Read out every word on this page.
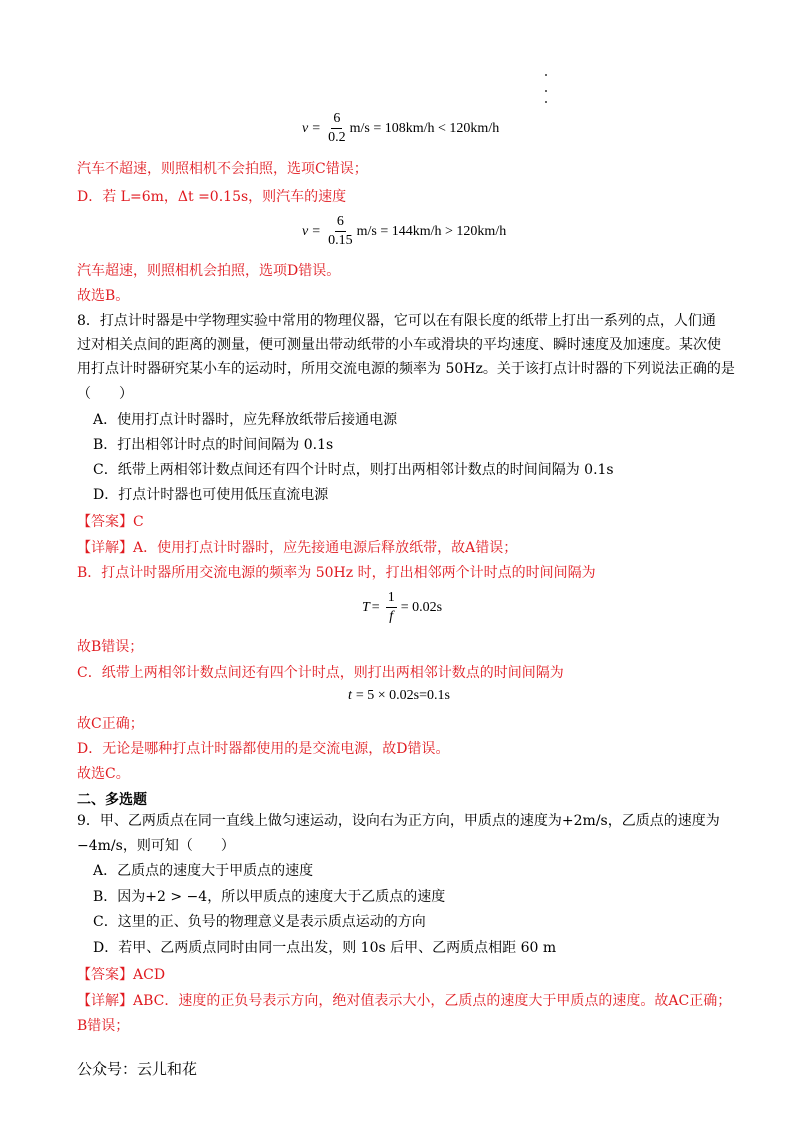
$v = \frac{6}{0.2} m/s = 108km/h < 120km/h$
汽车不超速，则照相机不会拍照，选项C错误；
D．若 L=6m，Δt =0.15s，则汽车的速度
$v = \frac{6}{0.15} m/s = 144km/h > 120km/h$
汽车超速，则照相机会拍照，选项D错误。
故选B。
8．打点计时器是中学物理实验中常用的物理仪器，它可以在有限长度的纸带上打出一系列的点，人们通
过对相关点间的距离的测量，便可测量出带动纸带的小车或滑块的平均速度、瞬时速度及加速度。某次使
用打点计时器研究某小车的运动时，所用交流电源的频率为 50Hz。关于该打点计时器的下列说法正确的是
（　　）
A．使用打点计时器时，应先释放纸带后接通电源
B．打出相邻计时点的时间间隔为 0.1s
C．纸带上两相邻计数点间还有四个计时点，则打出两相邻计数点的时间间隔为 0.1s
D．打点计时器也可使用低压直流电源
【答案】C
【详解】A．使用打点计时器时，应先接通电源后释放纸带，故A错误；
B．打点计时器所用交流电源的频率为 50Hz 时，打出相邻两个计时点的时间间隔为
$T = \frac{1}{f} = 0.02s$
故B错误；
C．纸带上两相邻计数点间还有四个计时点，则打出两相邻计数点的时间间隔为
t = 5 × 0.02s=0.1s
故C正确；
D．无论是哪种打点计时器都使用的是交流电源，故D错误。
故选C。
二、多选题
9．甲、乙两质点在同一直线上做匀速运动，设向右为正方向，甲质点的速度为+2m/s，乙质点的速度为
−4m/s，则可知（　　）
A．乙质点的速度大于甲质点的速度
B．因为+2 > −4，所以甲质点的速度大于乙质点的速度
C．这里的正、负号的物理意义是表示质点运动的方向
D．若甲、乙两质点同时由同一点出发，则 10s 后甲、乙两质点相距 60 m
【答案】ACD
【详解】ABC．速度的正负号表示方向，绝对值表示大小，乙质点的速度大于甲质点的速度。故AC正确；
B错误；
公众号：云儿和花
